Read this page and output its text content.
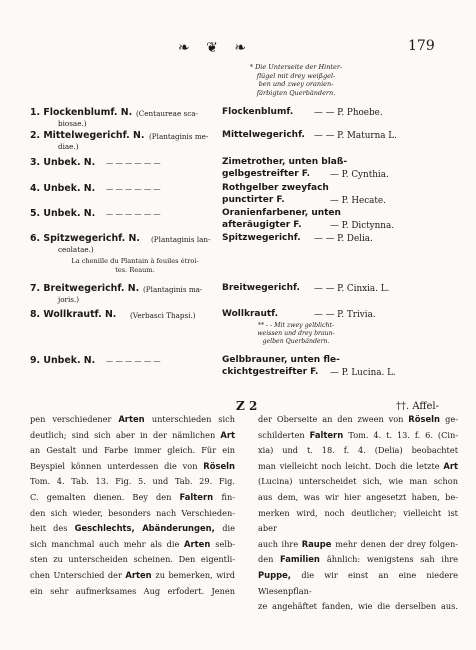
❧ ❦ ❧	179
* Die Unterseite der Hinter-
flügel mit drey weißgel-
ben und zwey oranien-
färbigten Querbändern.
1. Flockenblumf. N. (Centaureae sca-
biosae.)
Flockenblumf. — — P. Phoebe.
2. Mittelwegerichf. N. (Plantaginis me-
diae.)
Mittelwegerichf. — — P. Maturna L.
3. Unbek. N. — — — — — —	Zimetrother, unten blaß-
gelbgestreifter F. — P. Cynthia.
4. Unbek. N. — — — — — —	Rothgelber zweyfach
punctirter F.	— P. Hecate.
5. Unbek. N. — — — — — —	Oranienfarbener, unten
afteräugigter F.	— P. Dictynna.
6. Spitzwegerichf. N. (Plantaginis lan-
ceolatae.)
Spitzwegerichf. — — P. Delia.
7. Breitwegerichf. N. (Plantaginis ma-
joris.)
Breitwegerichf. — — P. Cinxia. L.
8. Wollkrautf. N. (Verbasci Thapsi.)	Wollkrautf.	— — P. Trivia.
9. Unbek. N. — — — — — —	Gelbbrauner, unten fle-
ckichtgestreifter F. — P. Lucina. L.
La chenille du Plantain à feuiles étroi-
tes. Reaum.
** - - Mit zwey gelblicht-
weissen und drey braun-
gelben Querbändern.
Z 2	††. Affel-

pen verschiedener Arten unterschieden sich

deutlich; sind sich aber in der nämlichen Art

an Gestalt und Farbe immer gleich. Für ein

Beyspiel können unterdessen die von Röseln

Tom. 4. Tab. 13. Fig. 5. und Tab. 29. Fig.

C. gemalten dienen. Bey den Faltern fin-

den sich wieder, besonders nach Verschieden-

heit des Geschlechts, Abänderungen, die

sich manchmal auch mehr als die Arten selb-

sten zu unterscheiden scheinen. Den eigentli-

chen Unterschied der Arten zu bemerken, wird

ein sehr aufmerksames Aug erfodert. Jenen

der Oberseite an den zween von Röseln ge-

schilderten Faltern Tom. 4. t. 13. f. 6. (Cin-

xia) und t. 18. f. 4. (Delia) beobachtet

man vielleicht noch leicht. Doch die letzte Art

(Lucina) unterscheidet sich, wie man schon

aus dem, was wir hier angesetzt haben, be-

merken wird, noch deutlicher; vielleicht ist aber

auch ihre Raupe mehr denen der drey folgen-

den Familien ähnlich: wenigstens sah ihre

Puppe, die wir einst an eine niedere Wiesenpflan-

ze angehäftet fanden, wie die derselben aus.
